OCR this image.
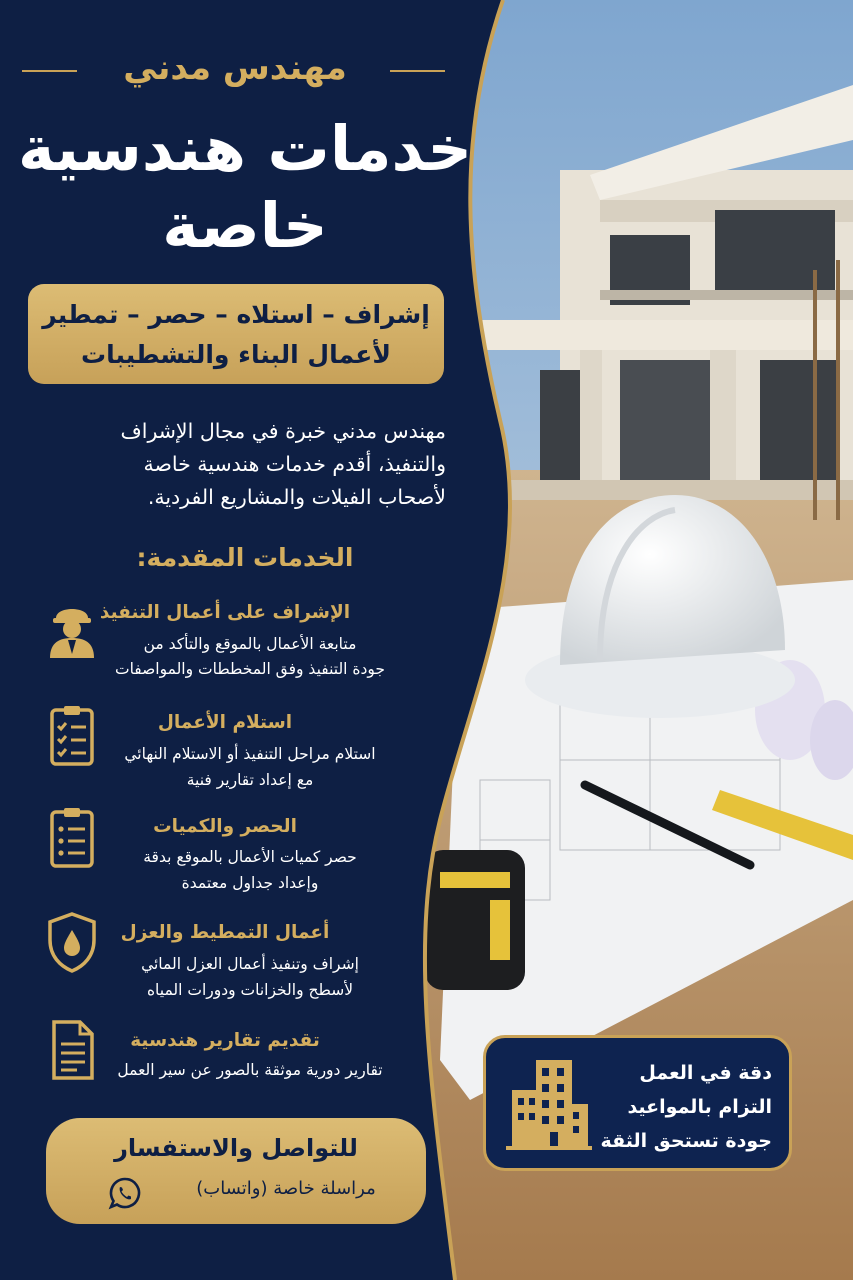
مهندس مدني
خدمات هندسية
خاصة
إشراف – استلاه – حصر – تمطير
لأعمال البناء والتشطيبات
مهندس مدني خبرة في مجال الإشراف
والتنفيذ، أقدم خدمات هندسية خاصة
لأصحاب الفيلات والمشاريع الفردية.
الخدمات المقدمة:
الإشراف على أعمال التنفيذ
متابعة الأعمال بالموقع والتأكد من
جودة التنفيذ وفق المخططات والمواصفات
استلام الأعمال
استلام مراحل التنفيذ أو الاستلام النهائي
مع إعداد تقارير فنية
الحصر والكميات
حصر كميات الأعمال بالموقع بدقة
وإعداد جداول معتمدة
أعمال التمطيط والعزل
إشراف وتنفيذ أعمال العزل المائي
لأسطح والخزانات ودورات المياه
تقديم تقارير هندسية
تقارير دورية موثقة بالصور عن سير العمل
للتواصل والاستفسار
مراسلة خاصة (واتساب)
دقة في العمل
التزام بالمواعيد
جودة تستحق الثقة
